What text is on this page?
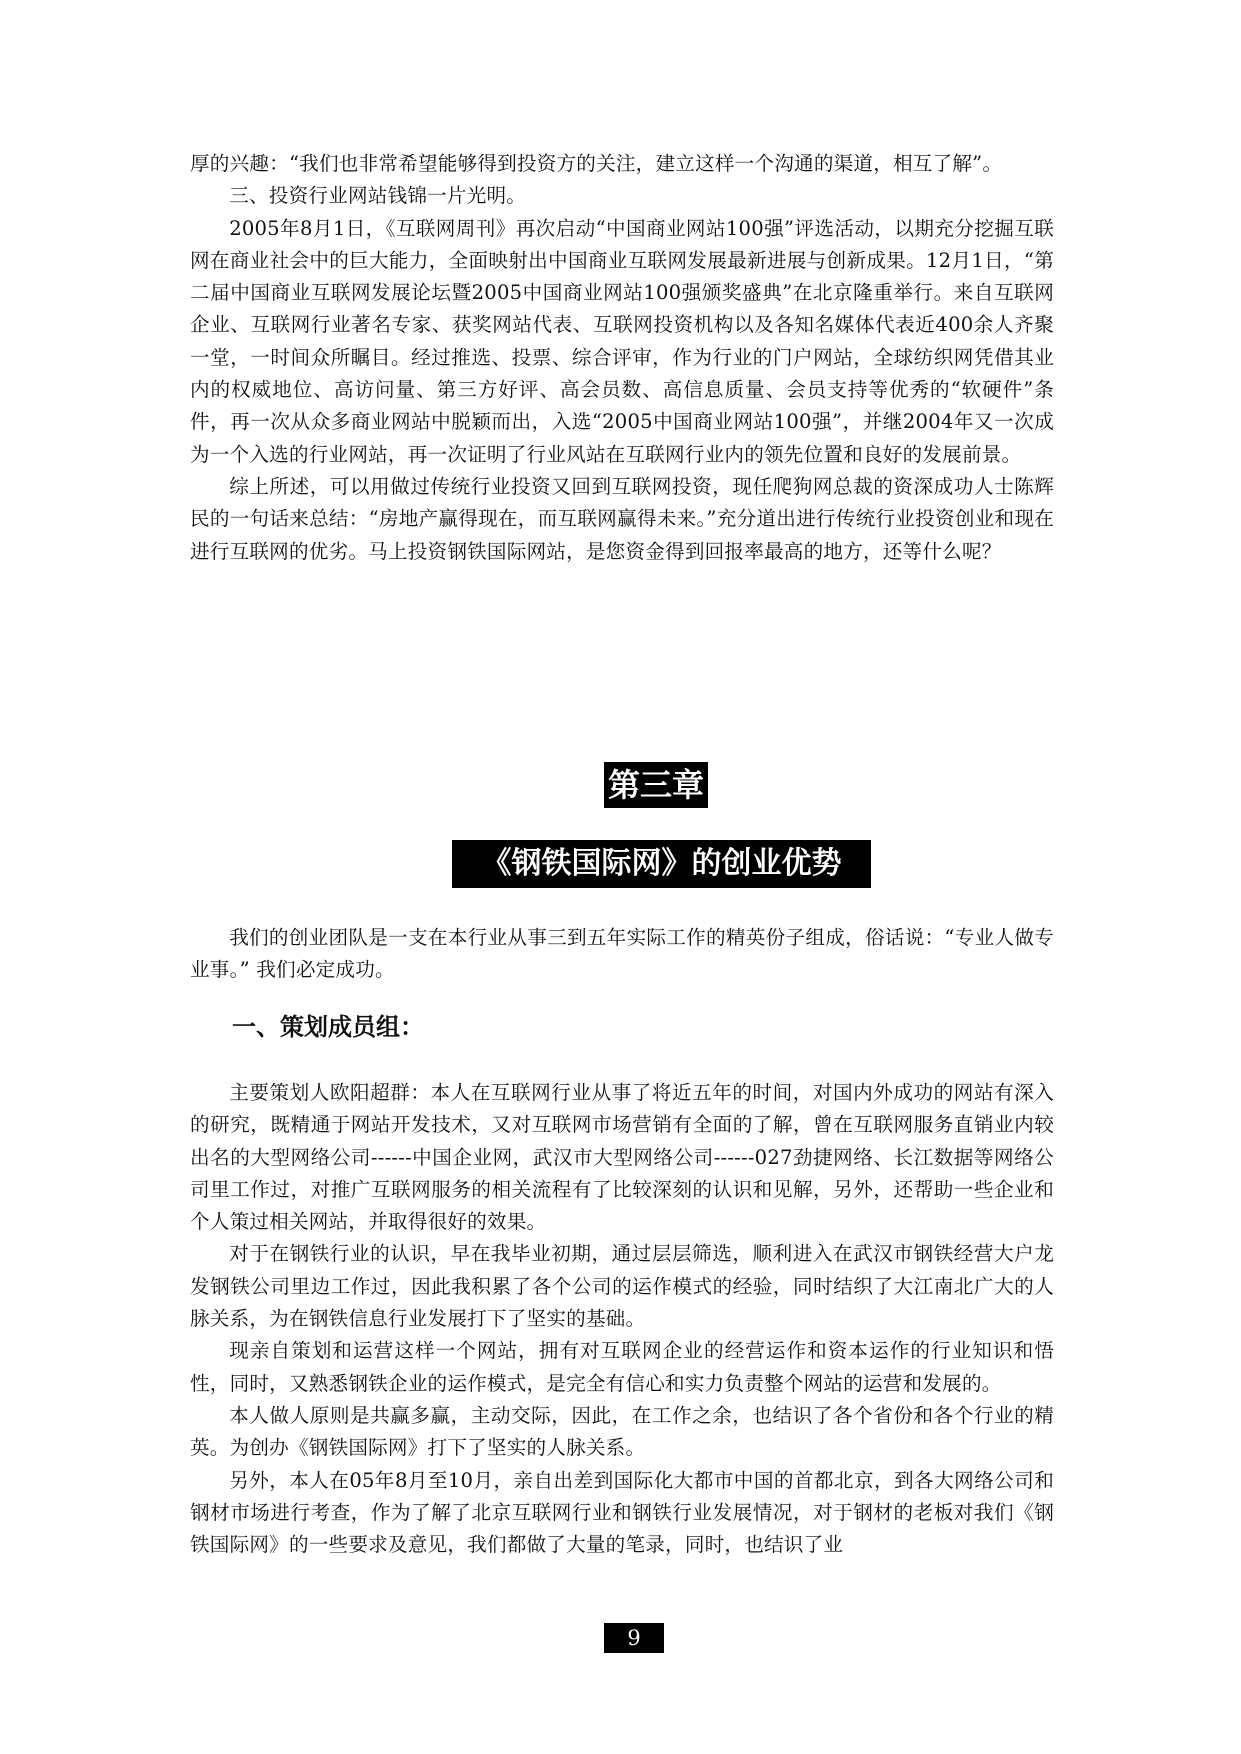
厚的兴趣：“我们也非常希望能够得到投资方的关注，建立这样一个沟通的渠道，相互了解”。

三、投资行业网站钱锦一片光明。

2005年8月1日，《互联网周刊》再次启动“中国商业网站100强”评选活动，以期充分挖掘互联网在商业社会中的巨大能力，全面映射出中国商业互联网发展最新进展与创新成果。12月1日，“第二届中国商业互联网发展论坛暨2005中国商业网站100强颁奖盛典”在北京隆重举行。来自互联网企业、互联网行业著名专家、获奖网站代表、互联网投资机构以及各知名媒体代表近400余人齐聚一堂，一时间众所瞩目。经过推选、投票、综合评审，作为行业的门户网站，全球纺织网凭借其业内的权威地位、高访问量、第三方好评、高会员数、高信息质量、会员支持等优秀的“软硬件”条件，再一次从众多商业网站中脱颖而出，入选“2005中国商业网站100强”，并继2004年又一次成为一个入选的行业网站，再一次证明了行业风站在互联网行业内的领先位置和良好的发展前景。

综上所述，可以用做过传统行业投资又回到互联网投资，现任爬狗网总裁的资深成功人士陈辉民的一句话来总结：“房地产赢得现在，而互联网赢得未来。”充分道出进行传统行业投资创业和现在进行互联网的优劣。马上投资钢铁国际网站，是您资金得到回报率最高的地方，还等什么呢？

第三章
《钢铁国际网》的创业优势

我们的创业团队是一支在本行业从事三到五年实际工作的精英份子组成，俗话说：“专业人做专业事。” 我们必定成功。

一、策划成员组：

主要策划人欧阳超群：本人在互联网行业从事了将近五年的时间，对国内外成功的网站有深入的研究，既精通于网站开发技术，又对互联网市场营销有全面的了解，曾在互联网服务直销业内较出名的大型网络公司------中国企业网，武汉市大型网络公司------027劲捷网络、长江数据等网络公司里工作过，对推广互联网服务的相关流程有了比较深刻的认识和见解，另外，还帮助一些企业和个人策过相关网站，并取得很好的效果。

对于在钢铁行业的认识，早在我毕业初期，通过层层筛选，顺利进入在武汉市钢铁经营大户龙发钢铁公司里边工作过，因此我积累了各个公司的运作模式的经验，同时结织了大江南北广大的人脉关系，为在钢铁信息行业发展打下了坚实的基础。

现亲自策划和运营这样一个网站，拥有对互联网企业的经营运作和资本运作的行业知识和悟性，同时，又熟悉钢铁企业的运作模式，是完全有信心和实力负责整个网站的运营和发展的。

本人做人原则是共赢多赢，主动交际，因此，在工作之余，也结识了各个省份和各个行业的精英。为创办《钢铁国际网》打下了坚实的人脉关系。

另外，本人在05年8月至10月，亲自出差到国际化大都市中国的首都北京，到各大网络公司和钢材市场进行考查，作为了解了北京互联网行业和钢铁行业发展情况，对于钢材的老板对我们《钢铁国际网》的一些要求及意见，我们都做了大量的笔录，同时，也结识了业

9
